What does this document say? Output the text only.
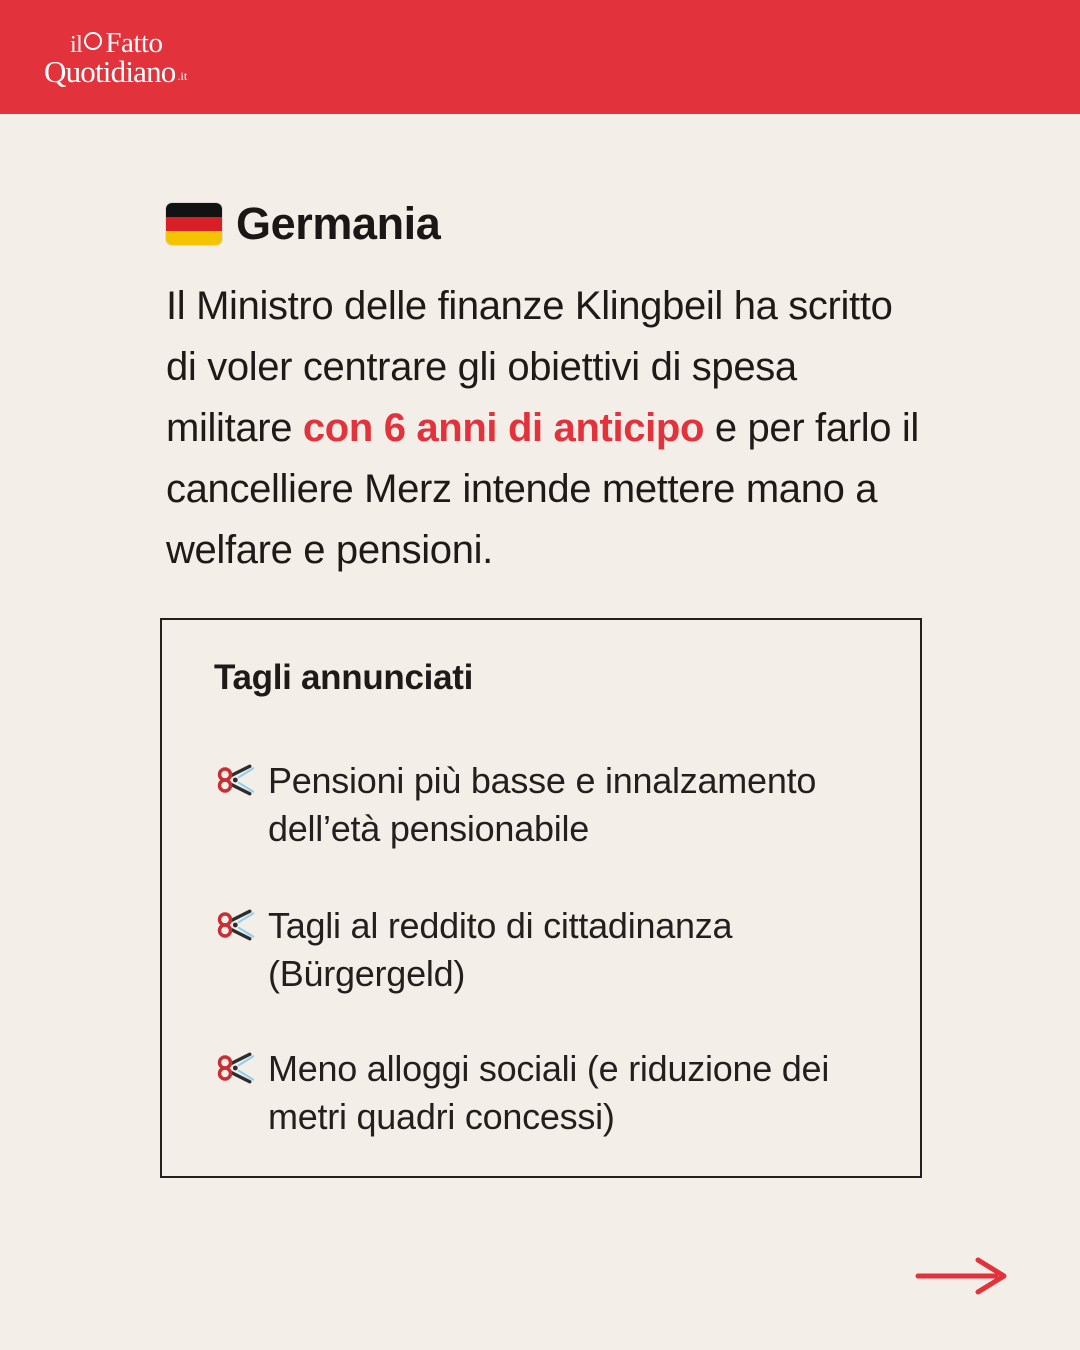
il Fatto
Quotidiano .it
Germania
Il Ministro delle finanze Klingbeil ha scritto di voler centrare gli obiettivi di spesa militare con 6 anni di anticipo e per farlo il cancelliere Merz intende mettere mano a welfare e pensioni.
Tagli annunciati
Pensioni più basse e innalzamento
dell’età pensionabile
Tagli al reddito di cittadinanza
(Bürgergeld)
Meno alloggi sociali (e riduzione dei
metri quadri concessi)
